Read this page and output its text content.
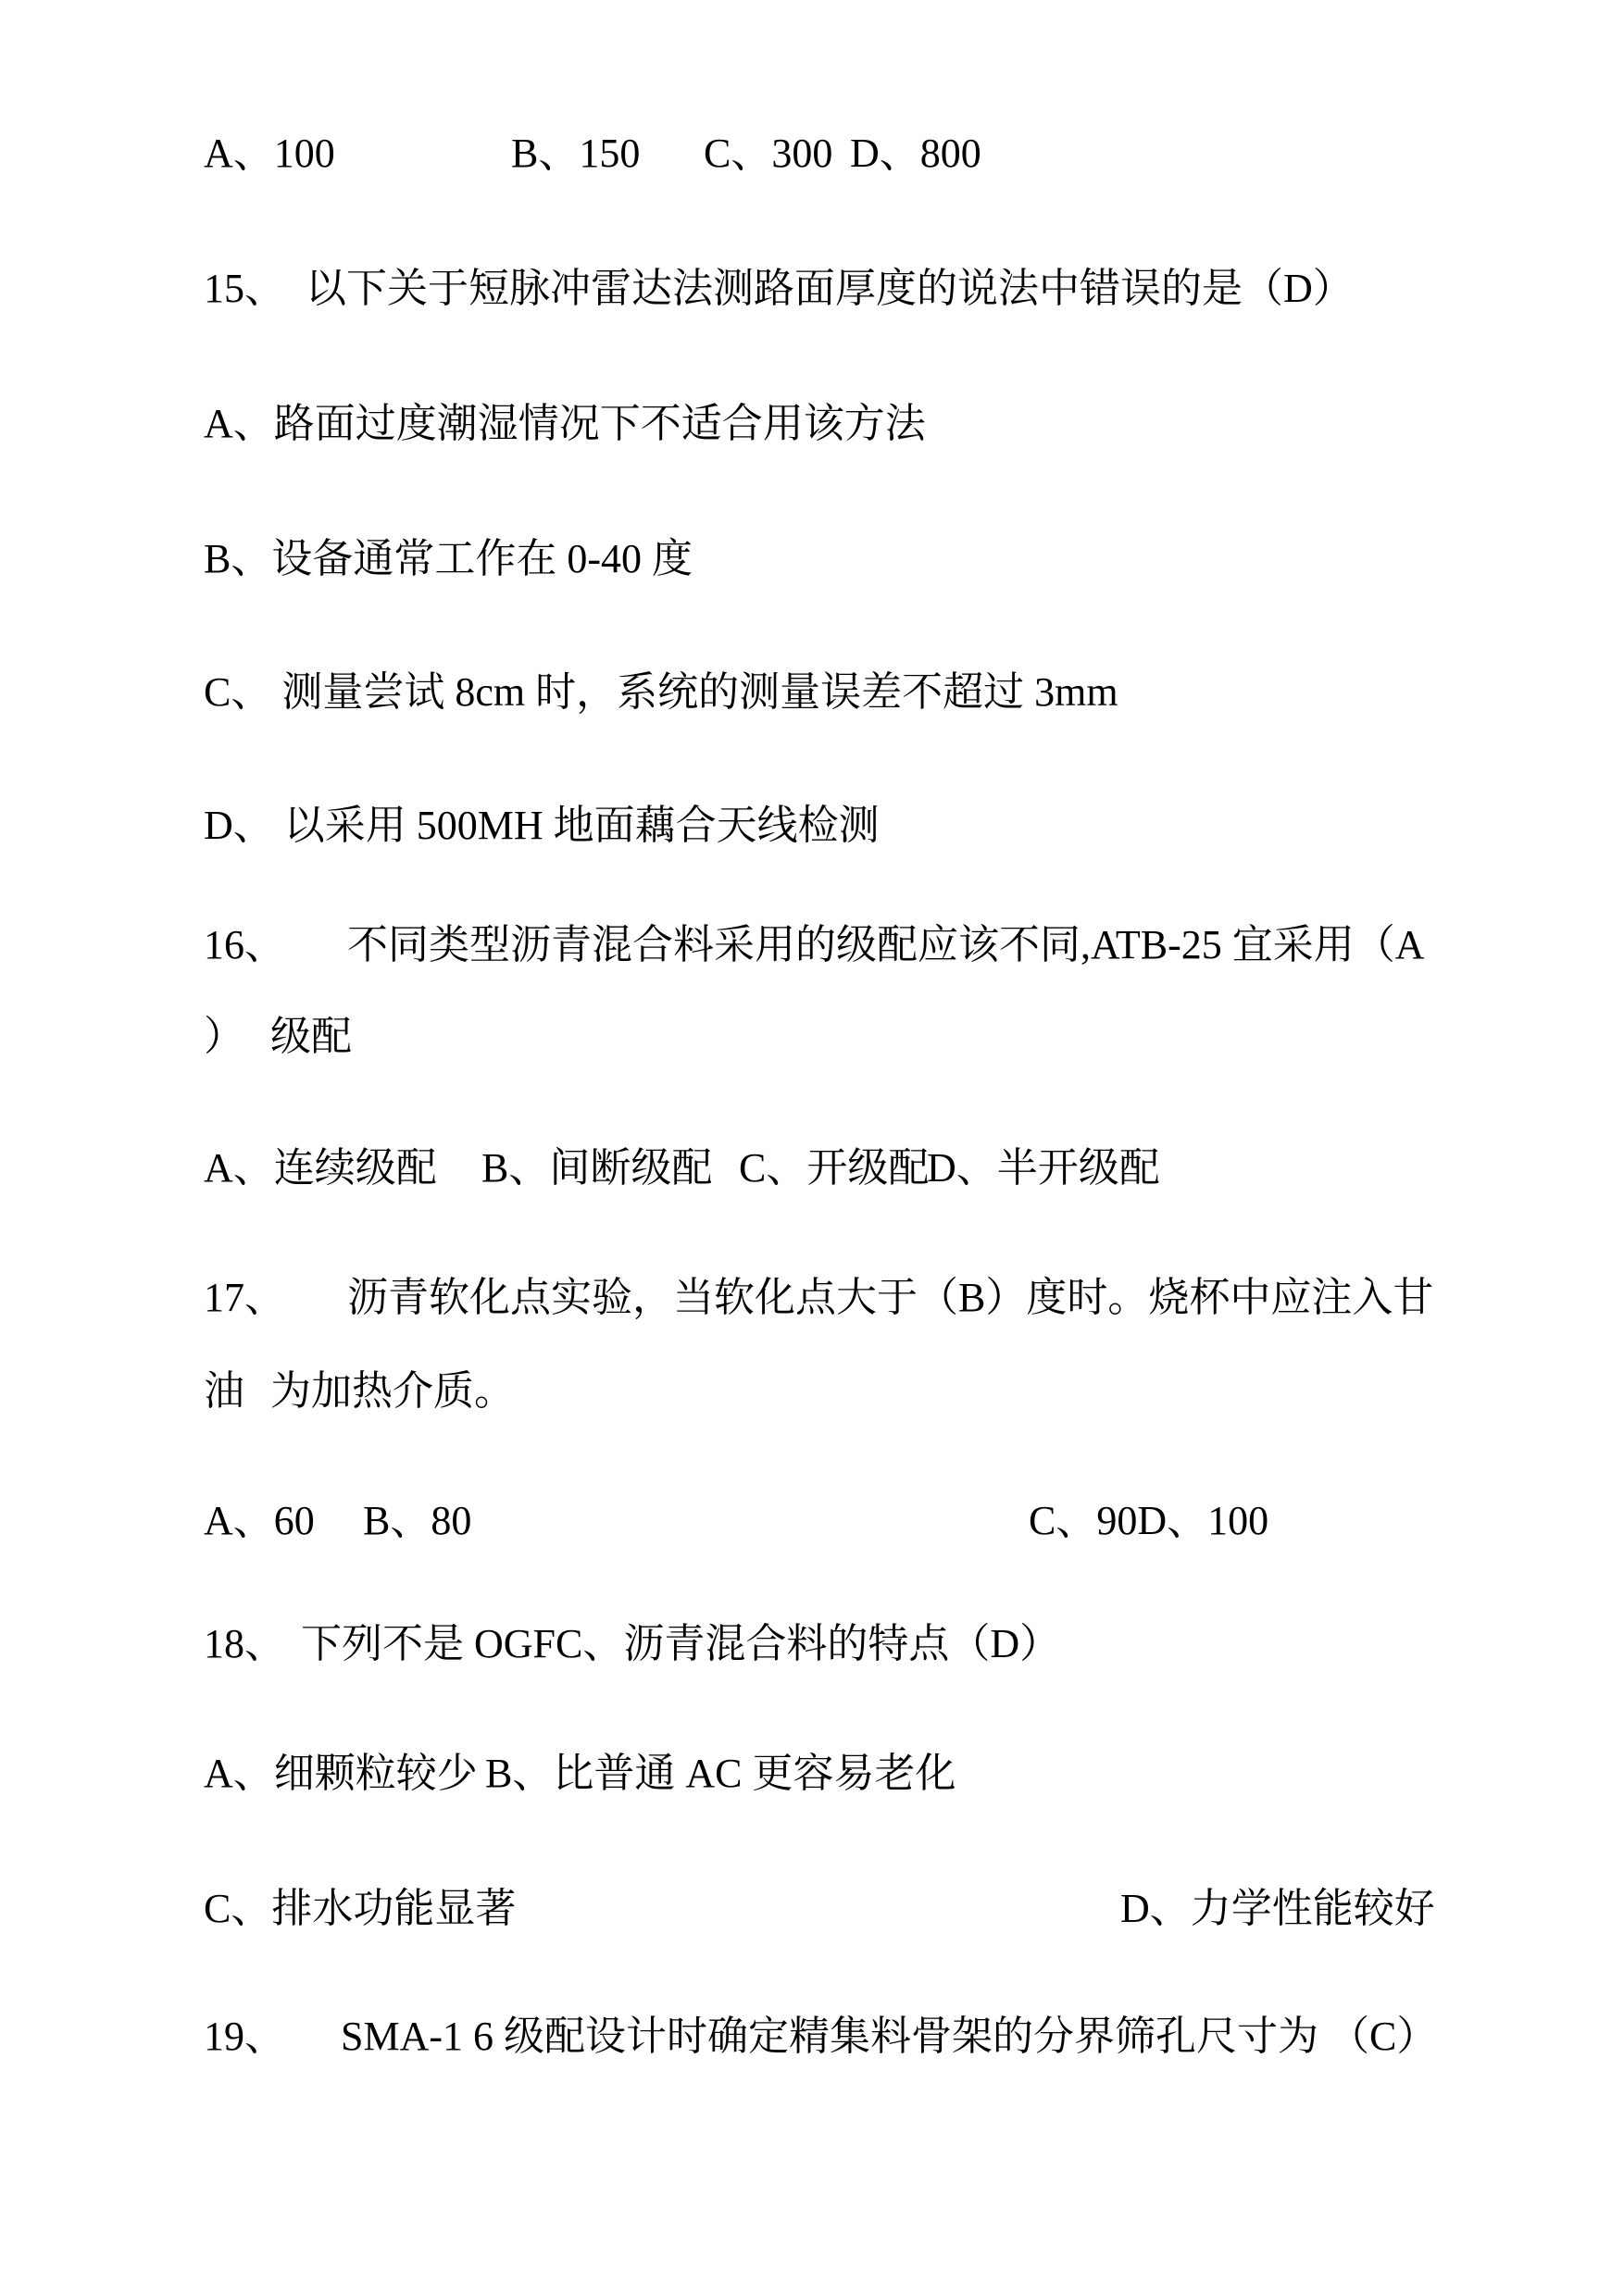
A、100	B、150 C、300 D、800
15、 以下关于短脉冲雷达法测路面厚度的说法中错误的是（D）
A、路面过度潮湿情况下不适合用该方法
B、设备通常工作在 0-40 度
C、 测量尝试 8cm 时，系统的测量误差不超过 3mm
D、 以采用 500MH 地面藕合天线检测
16、 不同类型沥青混合料采用的级配应该不同,ATB-25 宜采用（A
） 级配
A、连续级配 B、间断级配 C、开级配
D、半开级配
17、 沥青软化点实验，当软化点大于（B）度时。烧杯中应注入甘
油 为加热介质。
A、60 B、80	C、90D、100
18、 下列不是 OGFC、沥青混合料的特点（D）
A、细颗粒较少 B、比普通 AC 更容易老化
C、排水功能显著	D、力学性能较好
19、 SMA-1 6 级配设计时确定精集料骨架的分界筛孔尺寸为 （C）
